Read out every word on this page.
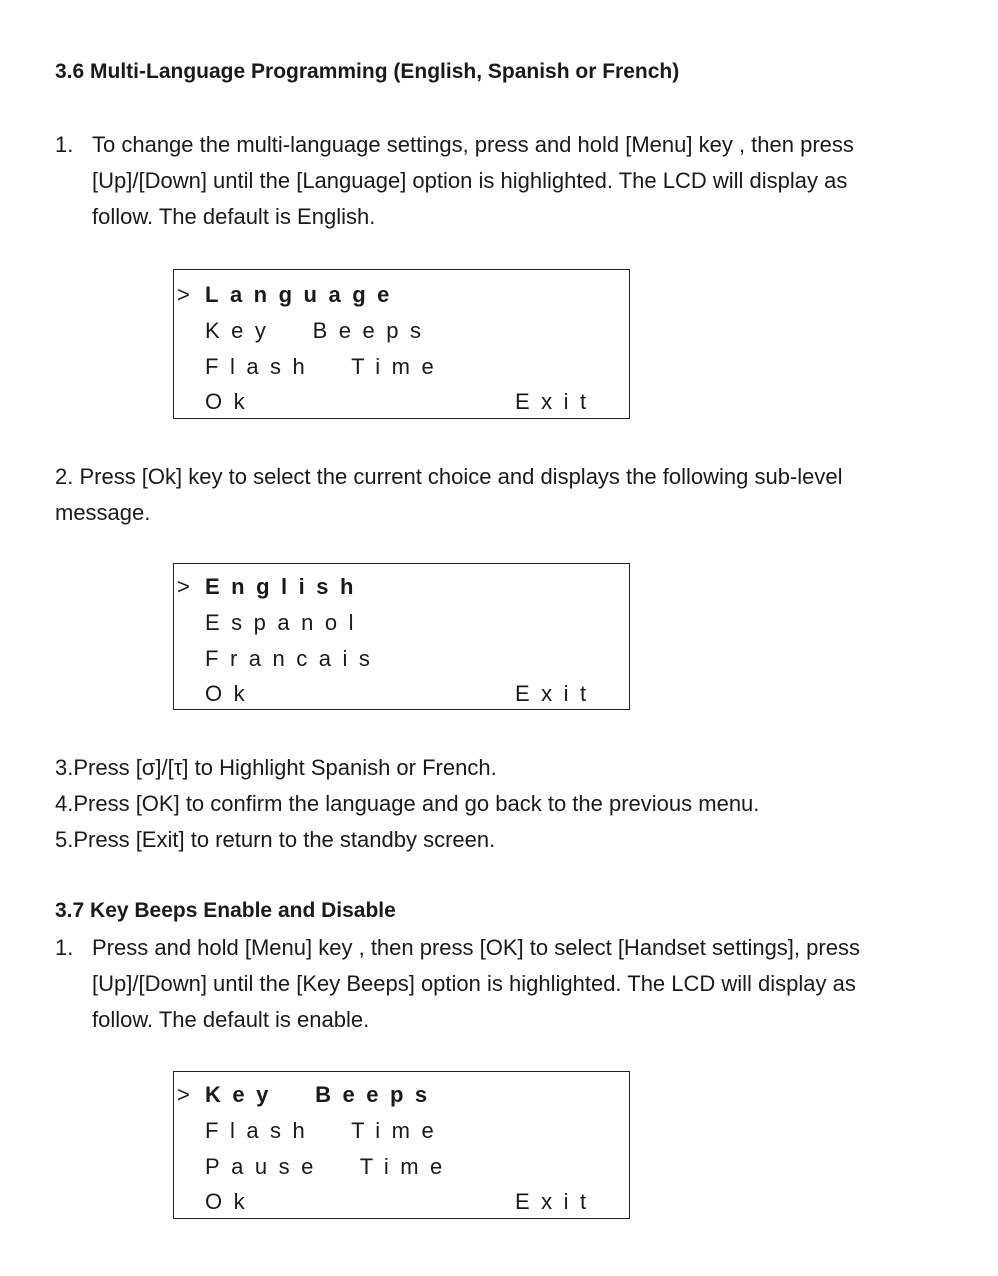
3.6 Multi-Language Programming (English, Spanish or French)
1. To change the multi-language settings, press and hold [Menu] key , then press
[Up]/[Down] until the [Language] option is highlighted. The LCD will display as
follow. The default is English.
> Language
Key  Beeps
Flash  Time
Ok	Exit
2. Press [Ok] key to select the current choice and displays the following sub-level
message.
> English
Espanol
Francais
Ok	Exit
3.Press [σ]/[τ] to Highlight Spanish or French.
4.Press [OK] to confirm the language and go back to the previous menu.
5.Press [Exit] to return to the standby screen.
3.7 Key Beeps Enable and Disable
1. Press and hold [Menu] key , then press [OK] to select [Handset settings], press
[Up]/[Down] until the [Key Beeps] option is highlighted. The LCD will display as
follow. The default is enable.
> Key  Beeps
Flash  Time
Pause  Time
Ok	Exit
